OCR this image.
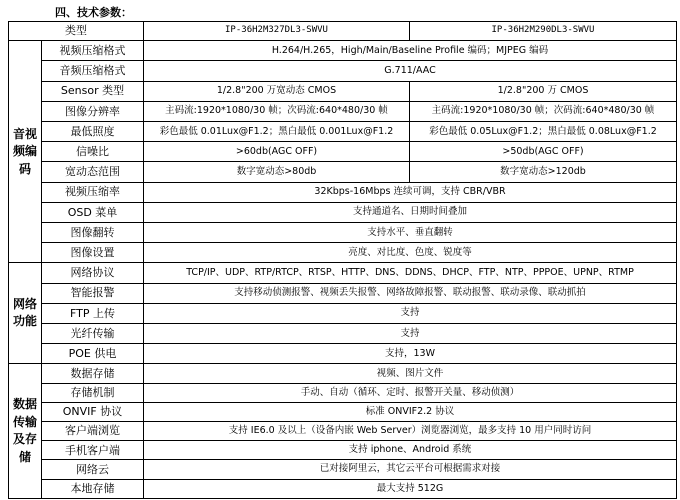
四、技术参数：
类型		IP-36H2M327DL3-SWVU	IP-36H2M290DL3-SWVU
音视频编码	视频压缩格式	H.264/H.265，High/Main/Baseline Profile 编码；MJPEG 编码	
	音频压缩格式	G.711/AAC	
	Sensor 类型	1/2.8"200 万宽动态 CMOS	1/2.8"200 万 CMOS
	图像分辨率	主码流:1920*1080/30 帧；次码流:640*480/30 帧	主码流:1920*1080/30 帧；次码流:640*480/30 帧
	最低照度	彩色最低 0.01Lux@F1.2；黑白最低 0.001Lux@F1.2	彩色最低 0.05Lux@F1.2；黑白最低 0.08Lux@F1.2
	信噪比	>60db(AGC OFF)	>50db(AGC OFF)
	宽动态范围	数字宽动态>80db	数字宽动态>120db
	视频压缩率	32Kbps-16Mbps 连续可调，支持 CBR/VBR	
	OSD 菜单	支持通道名、日期时间叠加	
	图像翻转	支持水平、垂直翻转	
	图像设置	亮度、对比度、色度、锐度等	
网络功能	网络协议	TCP/IP、UDP、RTP/RTCP、RTSP、HTTP、DNS、DDNS、DHCP、FTP、NTP、PPPOE、UPNP、RTMP	
	智能报警	支持移动侦测报警、视频丢失报警、网络故障报警、联动报警、联动录像、联动抓拍	
	FTP 上传	支持	
	光纤传输	支持	
	POE 供电	支持，13W	
数据传输及存储	数据存储	视频、图片文件	
	存储机制	手动、自动（循环、定时、报警开关量、移动侦测）	
	ONVIF 协议	标准 ONVIF2.2 协议	
	客户端浏览	支持 IE6.0 及以上（设备内嵌 Web Server）浏览器浏览，最多支持 10 用户同时访问	
	手机客户端	支持 iphone、Android 系统	
	网络云	已对接阿里云，其它云平台可根据需求对接	
	本地存储	最大支持 512G	
